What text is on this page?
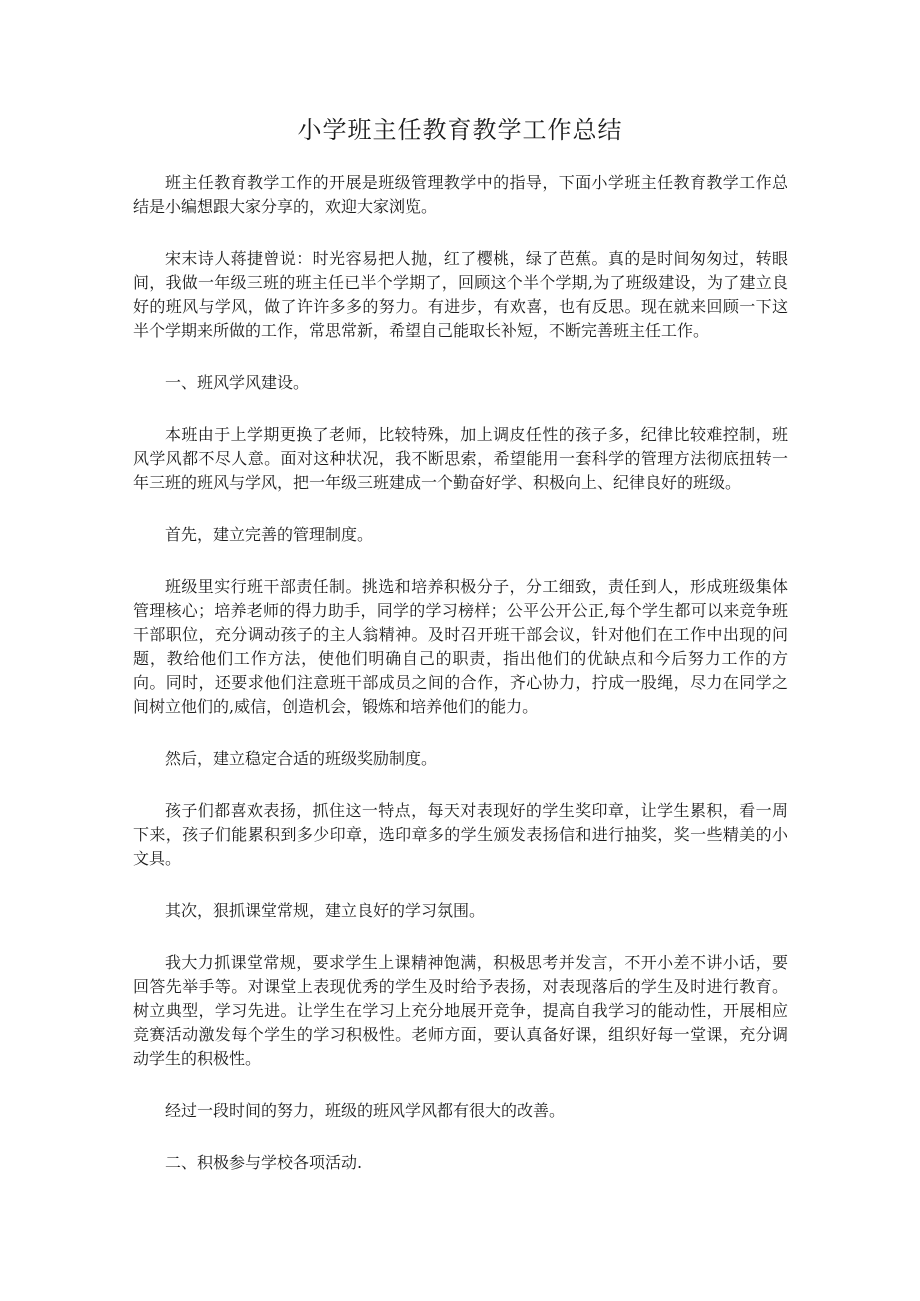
小学班主任教育教学工作总结

班主任教育教学工作的开展是班级管理教学中的指导，下面小学班主任教育教学工作总结是小编想跟大家分享的，欢迎大家浏览。

宋末诗人蒋捷曾说：时光容易把人抛，红了樱桃，绿了芭蕉。真的是时间匆匆过，转眼间，我做一年级三班的班主任已半个学期了，回顾这个半个学期,为了班级建设，为了建立良好的班风与学风，做了许许多多的努力。有进步，有欢喜，也有反思。现在就来回顾一下这半个学期来所做的工作，常思常新，希望自己能取长补短，不断完善班主任工作。

一、班风学风建设。

本班由于上学期更换了老师，比较特殊，加上调皮任性的孩子多，纪律比较难控制，班风学风都不尽人意。面对这种状况，我不断思索，希望能用一套科学的管理方法彻底扭转一年三班的班风与学风，把一年级三班建成一个勤奋好学、积极向上、纪律良好的班级。

首先，建立完善的管理制度。

班级里实行班干部责任制。挑选和培养积极分子，分工细致，责任到人，形成班级集体管理核心；培养老师的得力助手，同学的学习榜样；公平公开公正,每个学生都可以来竞争班干部职位，充分调动孩子的主人翁精神。及时召开班干部会议，针对他们在工作中出现的问题，教给他们工作方法，使他们明确自己的职责，指出他们的优缺点和今后努力工作的方向。同时，还要求他们注意班干部成员之间的合作，齐心协力，拧成一股绳，尽力在同学之间树立他们的,威信，创造机会，锻炼和培养他们的能力。

然后，建立稳定合适的班级奖励制度。

孩子们都喜欢表扬，抓住这一特点，每天对表现好的学生奖印章，让学生累积，看一周下来，孩子们能累积到多少印章，选印章多的学生颁发表扬信和进行抽奖，奖一些精美的小文具。

其次，狠抓课堂常规，建立良好的学习氛围。

我大力抓课堂常规，要求学生上课精神饱满，积极思考并发言，不开小差不讲小话，要回答先举手等。对课堂上表现优秀的学生及时给予表扬，对表现落后的学生及时进行教育。树立典型，学习先进。让学生在学习上充分地展开竞争，提高自我学习的能动性，开展相应竞赛活动激发每个学生的学习积极性。老师方面，要认真备好课，组织好每一堂课，充分调动学生的积极性。

经过一段时间的努力，班级的班风学风都有很大的改善。

二、积极参与学校各项活动.
